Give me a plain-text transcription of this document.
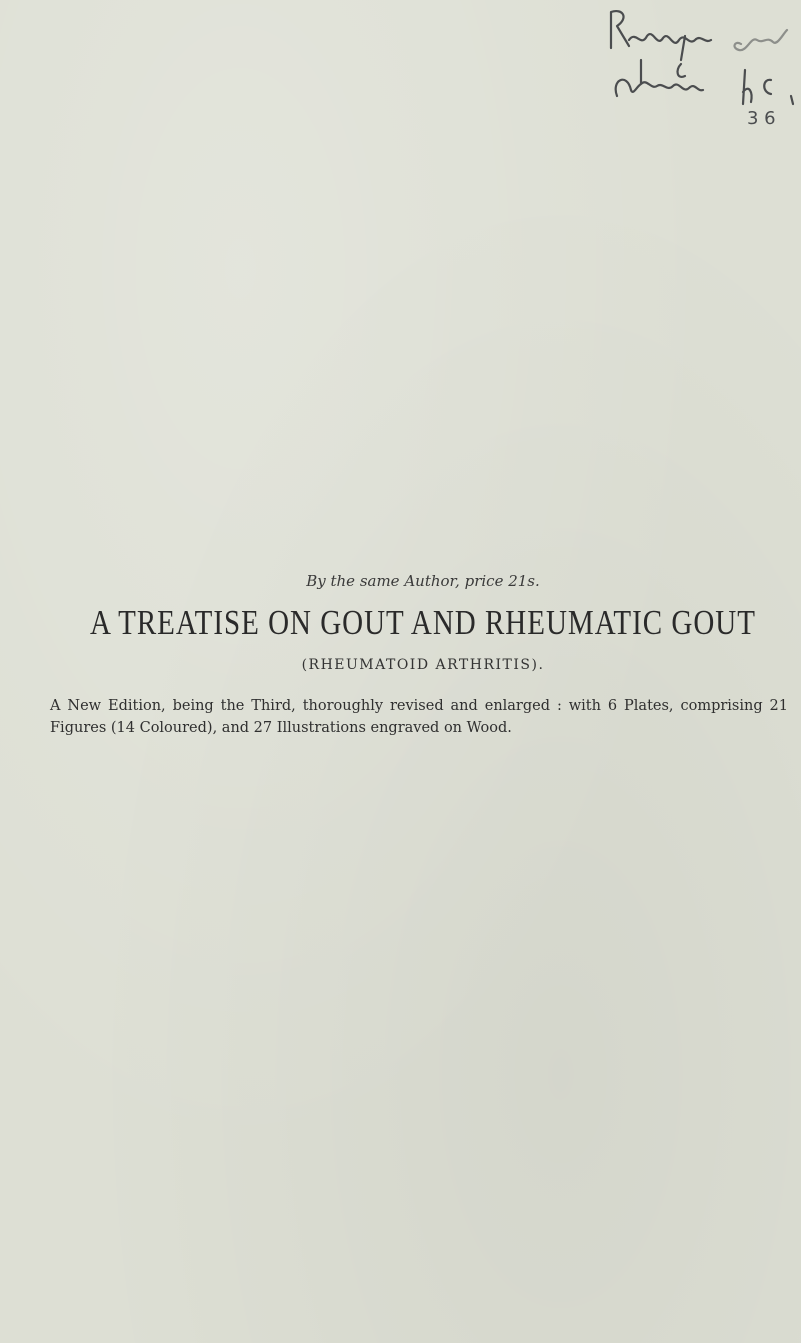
3 6

By the same Author, price 21s.

A TREATISE ON GOUT AND RHEUMATIC GOUT

(RHEUMATOID ARTHRITIS).

A New Edition, being the Third, thoroughly revised and enlarged : with 6 Plates, comprising 21 Figures (14 Coloured), and 27 Illustrations engraved on Wood.
